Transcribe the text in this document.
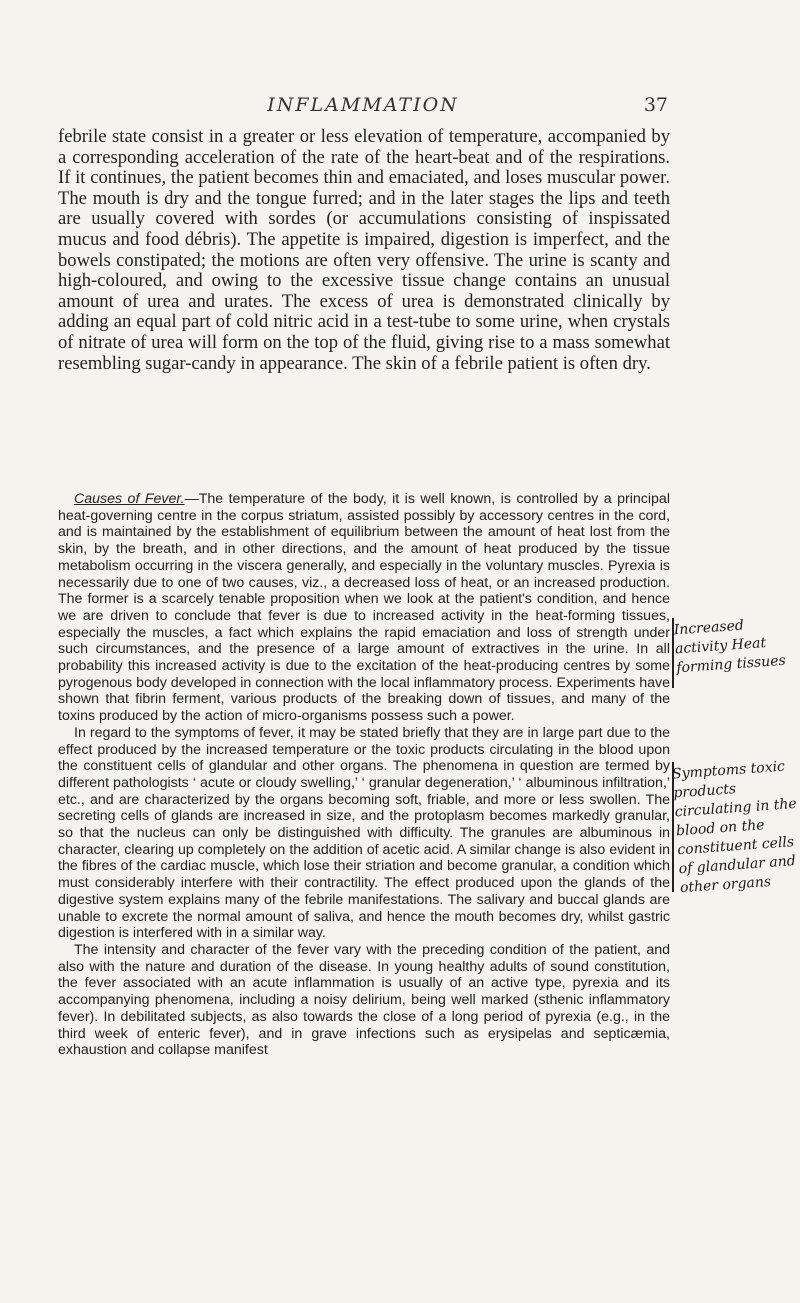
INFLAMMATION	37

febrile state consist in a greater or less elevation of temperature, accompanied by a corresponding acceleration of the rate of the heart-beat and of the respirations. If it continues, the patient becomes thin and emaciated, and loses muscular power. The mouth is dry and the tongue furred; and in the later stages the lips and teeth are usually covered with sordes (or accumulations consisting of inspissated mucus and food débris). The appetite is impaired, digestion is imperfect, and the bowels constipated; the motions are often very offensive. The urine is scanty and high-coloured, and owing to the excessive tissue change contains an unusual amount of urea and urates. The excess of urea is demonstrated clinically by adding an equal part of cold nitric acid in a test-tube to some urine, when crystals of nitrate of urea will form on the top of the fluid, giving rise to a mass somewhat resembling sugar-candy in appearance. The skin of a febrile patient is often dry.

Causes of Fever.—The temperature of the body, it is well known, is controlled by a principal heat-governing centre in the corpus striatum, assisted possibly by accessory centres in the cord, and is maintained by the establishment of equilibrium between the amount of heat lost from the skin, by the breath, and in other directions, and the amount of heat produced by the tissue metabolism occurring in the viscera generally, and especially in the voluntary muscles. Pyrexia is necessarily due to one of two causes, viz., a decreased loss of heat, or an increased production. The former is a scarcely tenable proposition when we look at the patient's condition, and hence we are driven to conclude that fever is due to increased activity in the heat-forming tissues, especially the muscles, a fact which explains the rapid emaciation and loss of strength under such circumstances, and the presence of a large amount of extractives in the urine. In all probability this increased activity is due to the excitation of the heat-producing centres by some pyrogenous body developed in connection with the local inflammatory process. Experiments have shown that fibrin ferment, various products of the breaking down of tissues, and many of the toxins produced by the action of micro-organisms possess such a power.

In regard to the symptoms of fever, it may be stated briefly that they are in large part due to the effect produced by the increased temperature or the toxic products circulating in the blood upon the constituent cells of glandular and other organs. The phenomena in question are termed by different pathologists ‘ acute or cloudy swelling,’ ‘ granular degeneration,’ ‘ albuminous infiltration,’ etc., and are characterized by the organs becoming soft, friable, and more or less swollen. The secreting cells of glands are increased in size, and the protoplasm becomes markedly granular, so that the nucleus can only be distinguished with difficulty. The granules are albuminous in character, clearing up completely on the addition of acetic acid. A similar change is also evident in the fibres of the cardiac muscle, which lose their striation and become granular, a condition which must considerably interfere with their contractility. The effect produced upon the glands of the digestive system explains many of the febrile manifestations. The salivary and buccal glands are unable to excrete the normal amount of saliva, and hence the mouth becomes dry, whilst gastric digestion is interfered with in a similar way.

The intensity and character of the fever vary with the preceding condition of the patient, and also with the nature and duration of the disease. In young healthy adults of sound constitution, the fever associated with an acute inflammation is usually of an active type, pyrexia and its accompanying phenomena, including a noisy delirium, being well marked (sthenic inflammatory fever). In debilitated subjects, as also towards the close of a long period of pyrexia (e.g., in the third week of enteric fever), and in grave infections such as erysipelas and septicæmia, exhaustion and collapse manifest

Increased activity Heat forming tissues
Symptoms toxic products circulating in the blood on the constituent cells of glandular and other organs
